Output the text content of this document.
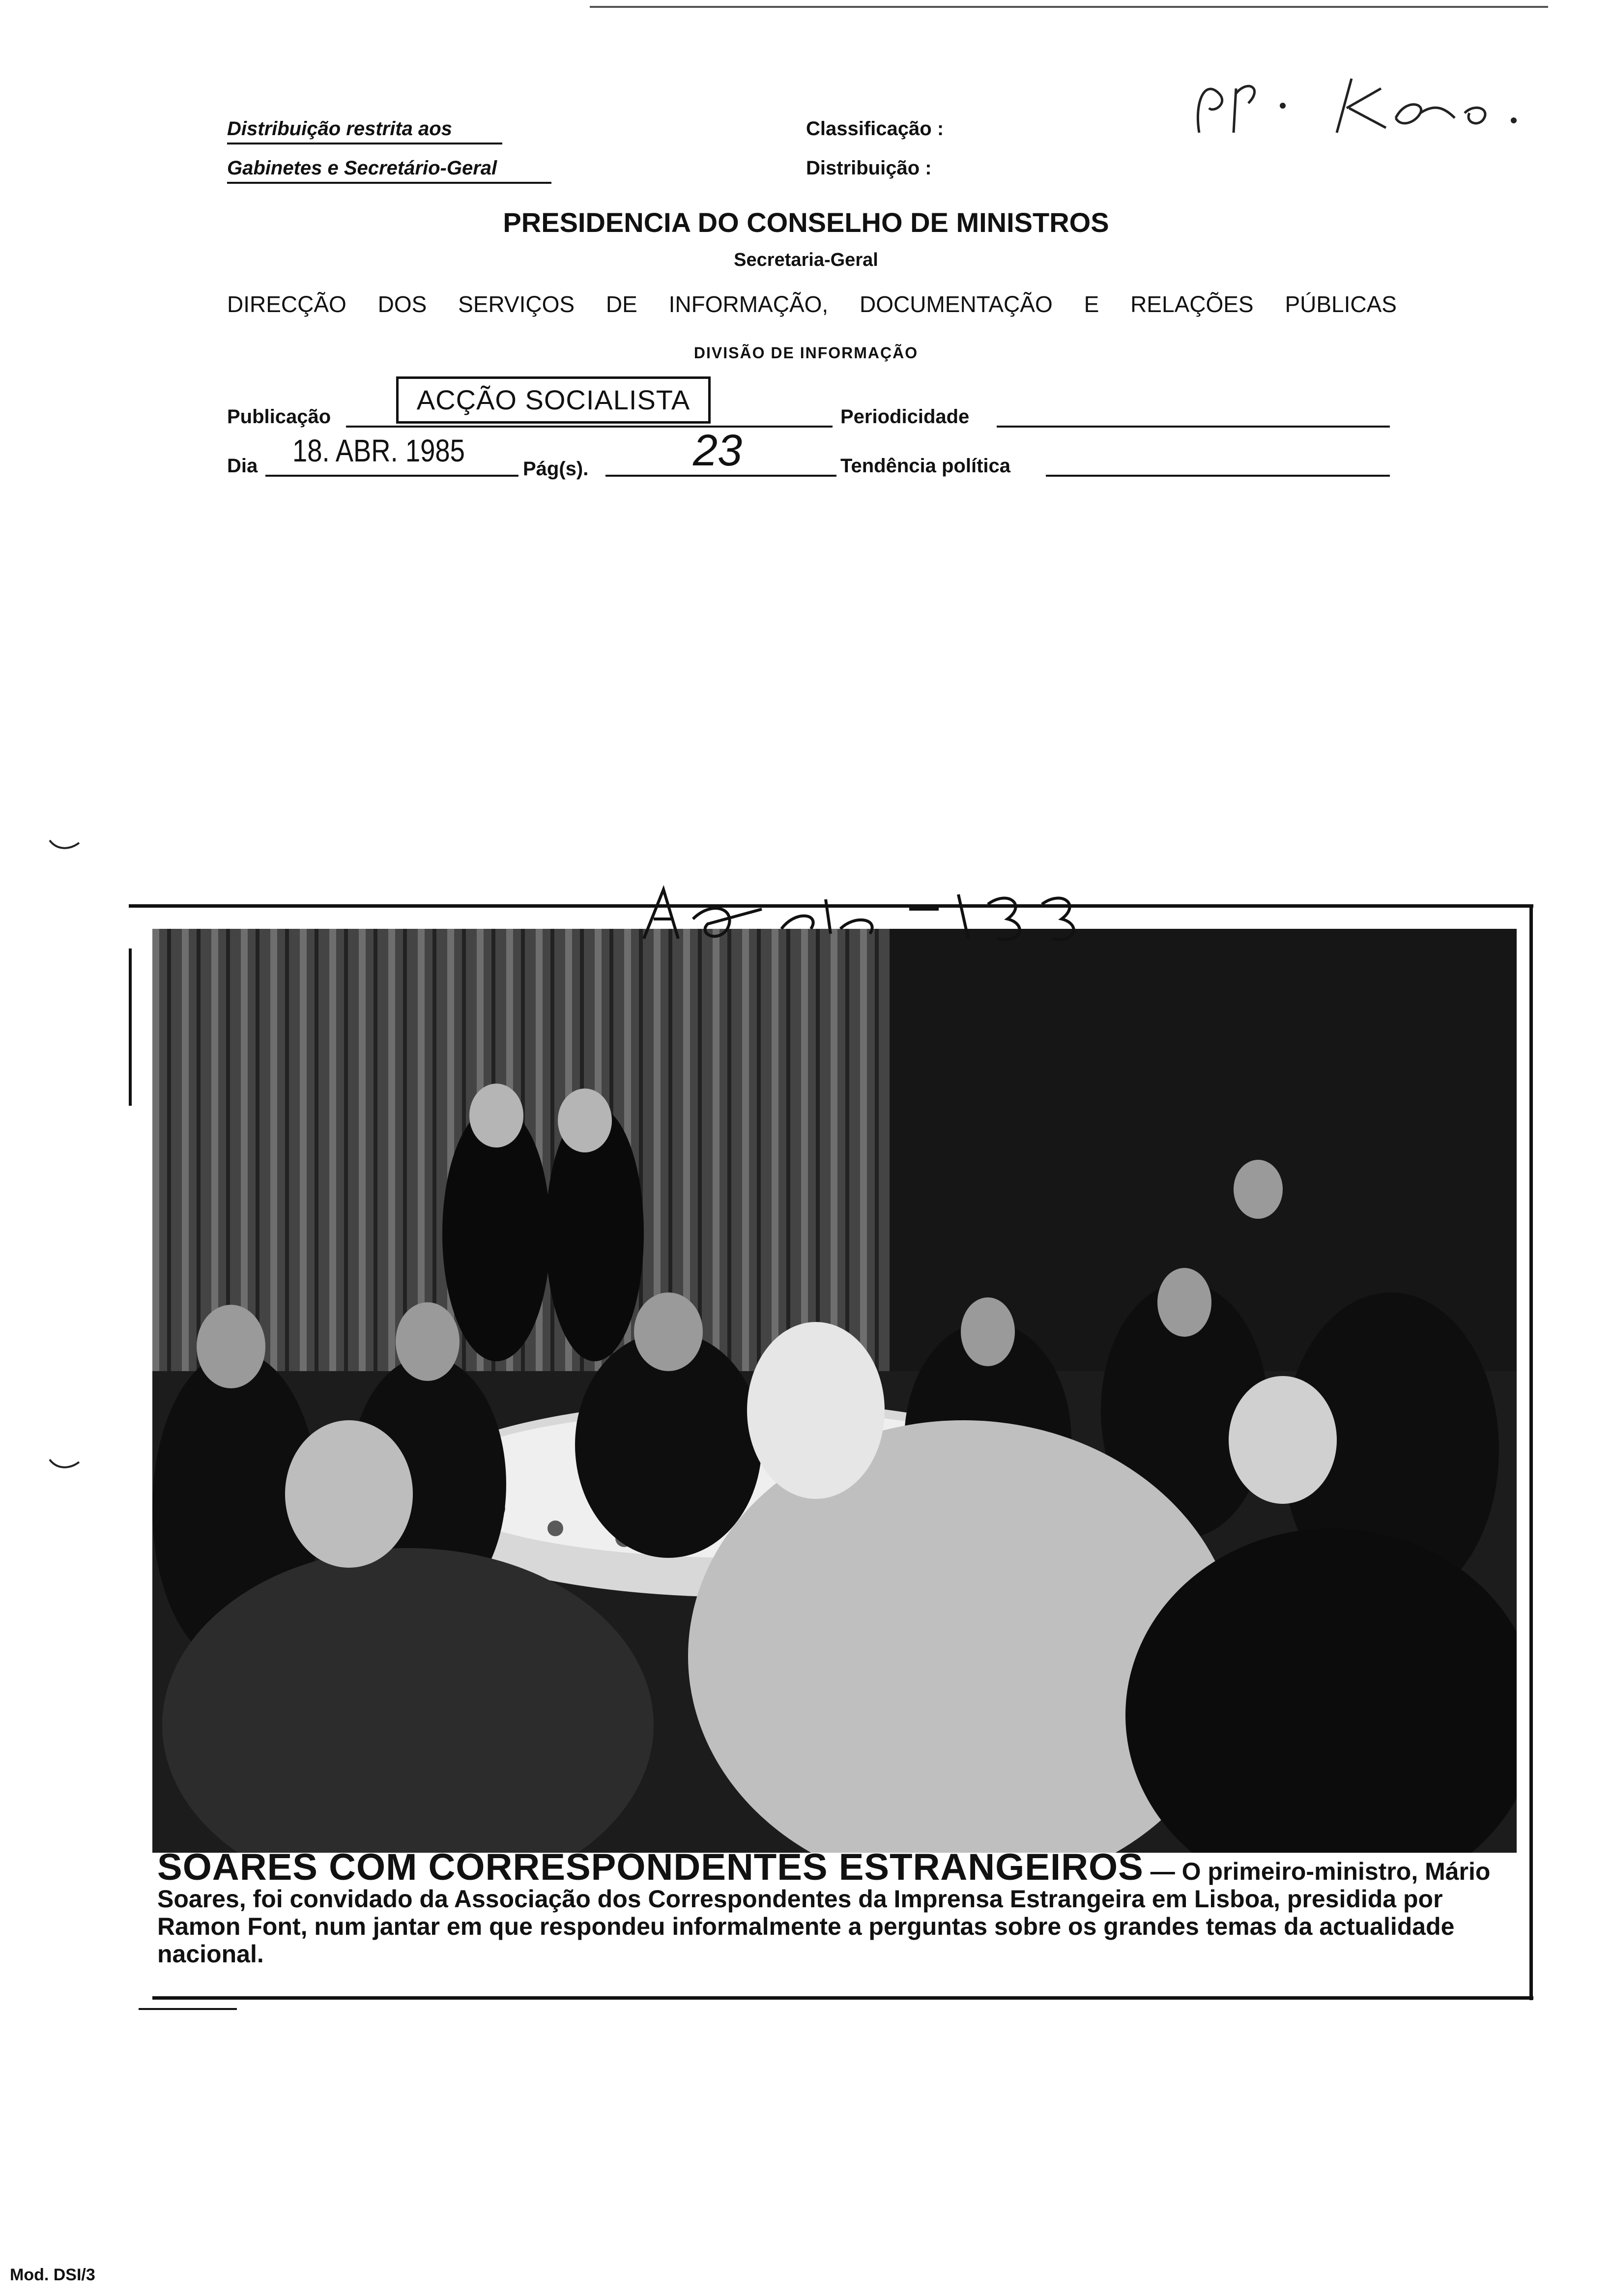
Distribuição restrita aos
Gabinetes e Secretário-Geral
Classificação :
Distribuição :
PRESIDENCIA DO CONSELHO DE MINISTROS
Secretaria-Geral
DIRECÇÃO DOS SERVIÇOS DE INFORMAÇÃO, DOCUMENTAÇÃO E RELAÇÕES PÚBLICAS
DIVISÃO DE INFORMAÇÃO
Publicação
ACÇÃO SOCIALISTA
Periodicidade
Dia 18. ABR. 1985
Pág(s). 23	Tendência política
SOARES COM CORRESPONDENTES ESTRANGEIROS — O primeiro-ministro, Mário Soares, foi convidado da Associação dos Correspondentes da Imprensa Estrangeira em Lisboa, presidida por Ramon Font, num jantar em que respondeu informalmente a perguntas sobre os grandes temas da actualidade nacional.
Mod. DSI/3
